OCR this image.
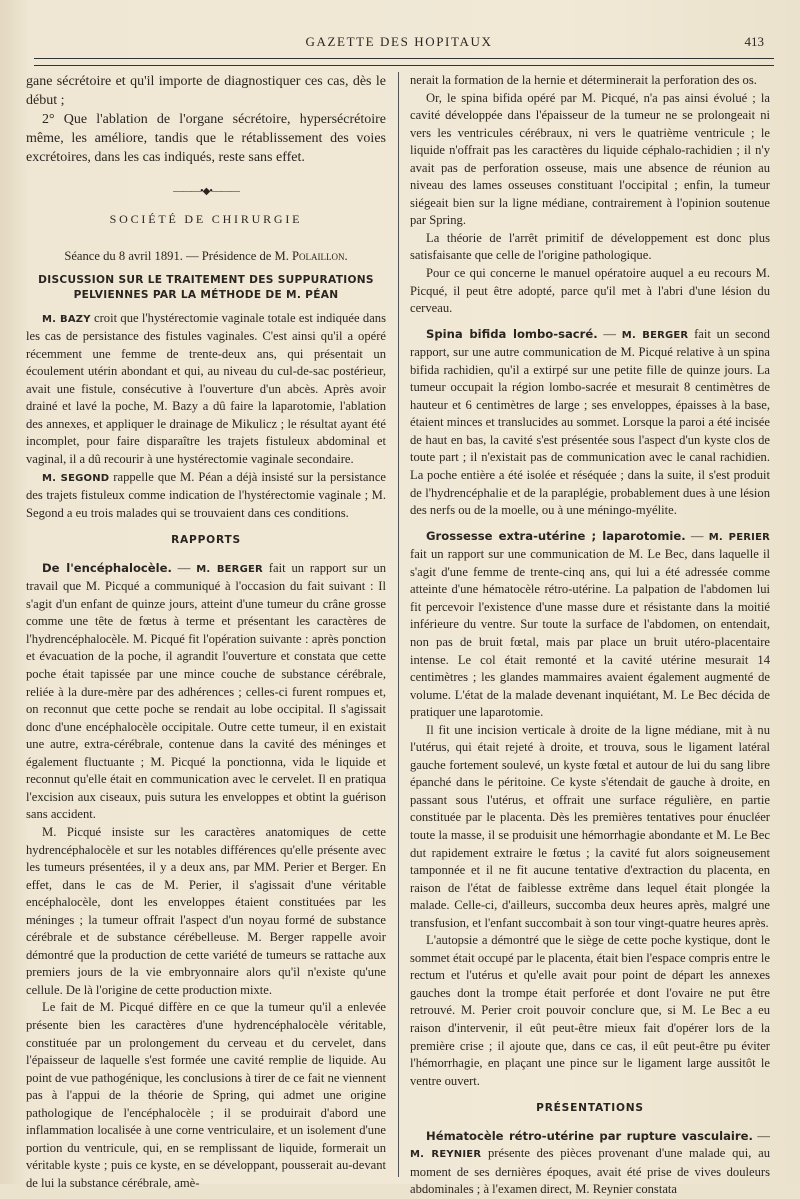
GAZETTE DES HOPITAUX	413

gane sécrétoire et qu'il importe de diagnostiquer ces cas, dès le début ;

2° Que l'ablation de l'organe sécrétoire, hypersécrétoire même, les améliore, tandis que le rétablissement des voies excrétoires, dans les cas indiqués, reste sans effet.

———•◆•———
SOCIÉTÉ DE CHIRURGIE

Séance du 8 avril 1891. — Présidence de M. Polaillon.

DISCUSSION SUR LE TRAITEMENT DES SUPPURATIONS PELVIENNES PAR LA MÉTHODE DE M. PÉAN

M. BAZY croit que l'hystérectomie vaginale totale est indiquée dans les cas de persistance des fistules vaginales. C'est ainsi qu'il a opéré récemment une femme de trente-deux ans, qui présentait un écoulement utérin abondant et qui, au niveau du cul-de-sac postérieur, avait une fistule, consécutive à l'ouverture d'un abcès. Après avoir drainé et lavé la poche, M. Bazy a dû faire la laparotomie, l'ablation des annexes, et appliquer le drainage de Mikulicz ; le résultat ayant été incomplet, pour faire disparaître les trajets fistuleux abdominal et vaginal, il a dû recourir à une hystérectomie vaginale secondaire.

M. SEGOND rappelle que M. Péan a déjà insisté sur la persistance des trajets fistuleux comme indication de l'hystérectomie vaginale ; M. Segond a eu trois malades qui se trouvaient dans ces conditions.

RAPPORTS

De l'encéphalocèle. — M. BERGER fait un rapport sur un travail que M. Picqué a communiqué à l'occasion du fait suivant : Il s'agit d'un enfant de quinze jours, atteint d'une tumeur du crâne grosse comme une tête de fœtus à terme et présentant les caractères de l'hydrencéphalocèle. M. Picqué fit l'opération suivante : après ponction et évacuation de la poche, il agrandit l'ouverture et constata que cette poche était tapissée par une mince couche de substance cérébrale, reliée à la dure-mère par des adhérences ; celles-ci furent rompues et, on reconnut que cette poche se rendait au lobe occipital. Il s'agissait donc d'une encéphalocèle occipitale. Outre cette tumeur, il en existait une autre, extra-cérébrale, contenue dans la cavité des méninges et également fluctuante ; M. Picqué la ponctionna, vida le liquide et reconnut qu'elle était en communication avec le cervelet. Il en pratiqua l'excision aux ciseaux, puis sutura les enveloppes et obtint la guérison sans accident.

M. Picqué insiste sur les caractères anatomiques de cette hydrencéphalocèle et sur les notables différences qu'elle présente avec les tumeurs présentées, il y a deux ans, par MM. Perier et Berger. En effet, dans le cas de M. Perier, il s'agissait d'une véritable encéphalocèle, dont les enveloppes étaient constituées par les méninges ; la tumeur offrait l'aspect d'un noyau formé de substance cérébrale et de substance cérébelleuse. M. Berger rappelle avoir démontré que la production de cette variété de tumeurs se rattache aux premiers jours de la vie embryonnaire alors qu'il n'existe qu'une cellule. De là l'origine de cette production mixte.

Le fait de M. Picqué diffère en ce que la tumeur qu'il a enlevée présente bien les caractères d'une hydrencéphalocèle véritable, constituée par un prolongement du cerveau et du cervelet, dans l'épaisseur de laquelle s'est formée une cavité remplie de liquide. Au point de vue pathogénique, les conclusions à tirer de ce fait ne viennent pas à l'appui de la théorie de Spring, qui admet une origine pathologique de l'encéphalocèle ; il se produirait d'abord une inflammation localisée à une corne ventriculaire, et un isolement d'une portion du ventricule, qui, en se remplissant de liquide, formerait un véritable kyste ; puis ce kyste, en se développant, pousserait au-devant de lui la substance cérébrale, amè-

nerait la formation de la hernie et déterminerait la perforation des os.

Or, le spina bifida opéré par M. Picqué, n'a pas ainsi évolué ; la cavité développée dans l'épaisseur de la tumeur ne se prolongeait ni vers les ventricules cérébraux, ni vers le quatrième ventricule ; le liquide n'offrait pas les caractères du liquide céphalo-rachidien ; il n'y avait pas de perforation osseuse, mais une absence de réunion au niveau des lames osseuses constituant l'occipital ; enfin, la tumeur siégeait bien sur la ligne médiane, contrairement à l'opinion soutenue par Spring.

La théorie de l'arrêt primitif de développement est donc plus satisfaisante que celle de l'origine pathologique.

Pour ce qui concerne le manuel opératoire auquel a eu recours M. Picqué, il peut être adopté, parce qu'il met à l'abri d'une lésion du cerveau.

Spina bifida lombo-sacré. — M. BERGER fait un second rapport, sur une autre communication de M. Picqué relative à un spina bifida rachidien, qu'il a extirpé sur une petite fille de quinze jours. La tumeur occupait la région lombo-sacrée et mesurait 8 centimètres de hauteur et 6 centimètres de large ; ses enveloppes, épaisses à la base, étaient minces et translucides au sommet. Lorsque la paroi a été incisée de haut en bas, la cavité s'est présentée sous l'aspect d'un kyste clos de toute part ; il n'existait pas de communication avec le canal rachidien. La poche entière a été isolée et réséquée ; dans la suite, il s'est produit de l'hydrencéphalie et de la paraplégie, probablement dues à une lésion des nerfs ou de la moelle, ou à une méningo-myélite.

Grossesse extra-utérine ; laparotomie. — M. PERIER fait un rapport sur une communication de M. Le Bec, dans laquelle il s'agit d'une femme de trente-cinq ans, qui lui a été adressée comme atteinte d'une hématocèle rétro-utérine. La palpation de l'abdomen lui fit percevoir l'existence d'une masse dure et résistante dans la moitié inférieure du ventre. Sur toute la surface de l'abdomen, on entendait, non pas de bruit fœtal, mais par place un bruit utéro-placentaire intense. Le col était remonté et la cavité utérine mesurait 14 centimètres ; les glandes mammaires avaient également augmenté de volume. L'état de la malade devenant inquiétant, M. Le Bec décida de pratiquer une laparotomie.

Il fit une incision verticale à droite de la ligne médiane, mit à nu l'utérus, qui était rejeté à droite, et trouva, sous le ligament latéral gauche fortement soulevé, un kyste fœtal et autour de lui du sang libre épanché dans le péritoine. Ce kyste s'étendait de gauche à droite, en passant sous l'utérus, et offrait une surface régulière, en partie constituée par le placenta. Dès les premières tentatives pour énucléer toute la masse, il se produisit une hémorrhagie abondante et M. Le Bec dut rapidement extraire le fœtus ; la cavité fut alors soigneusement tamponnée et il ne fit aucune tentative d'extraction du placenta, en raison de l'état de faiblesse extrême dans lequel était plongée la malade. Celle-ci, d'ailleurs, succomba deux heures après, malgré une transfusion, et l'enfant succombait à son tour vingt-quatre heures après.

L'autopsie a démontré que le siège de cette poche kystique, dont le sommet était occupé par le placenta, était bien l'espace compris entre le rectum et l'utérus et qu'elle avait pour point de départ les annexes gauches dont la trompe était perforée et dont l'ovaire ne put être retrouvé. M. Perier croit pouvoir conclure que, si M. Le Bec a eu raison d'intervenir, il eût peut-être mieux fait d'opérer lors de la première crise ; il ajoute que, dans ce cas, il eût peut-être pu éviter l'hémorrhagie, en plaçant une pince sur le ligament large aussitôt le ventre ouvert.

PRÉSENTATIONS

Hématocèle rétro-utérine par rupture vasculaire. — M. REYNIER présente des pièces provenant d'une malade qui, au moment de ses dernières époques, avait été prise de vives douleurs abdominales ; à l'examen direct, M. Reynier constata
